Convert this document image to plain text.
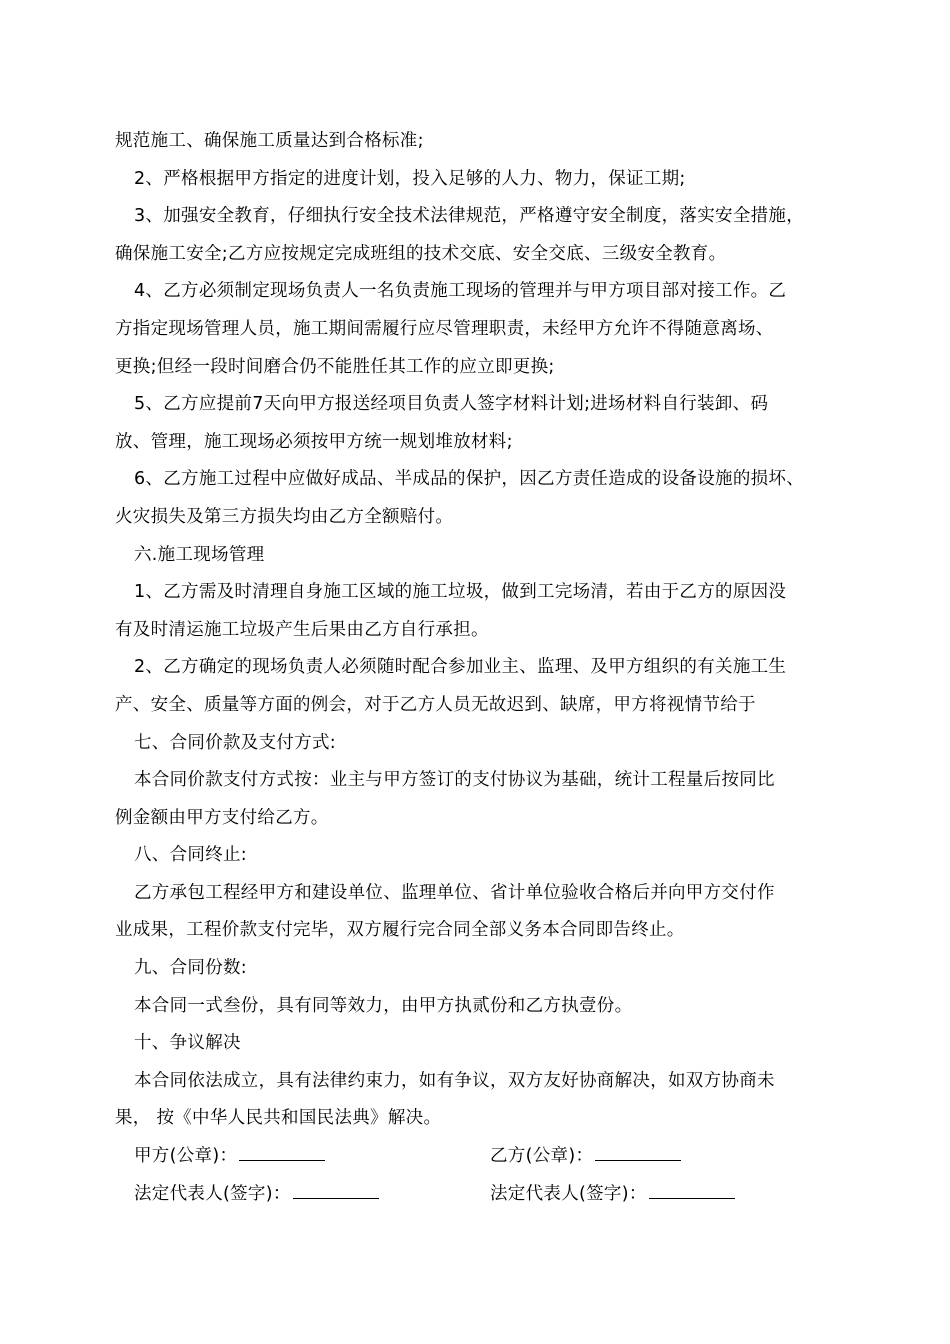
规范施工、确保施工质量达到合格标准;
2、严格根据甲方指定的进度计划，投入足够的人力、物力，保证工期;
3、加强安全教育，仔细执行安全技术法律规范，严格遵守安全制度，落实安全措施，
确保施工安全;乙方应按规定完成班组的技术交底、安全交底、三级安全教育。
4、乙方必须制定现场负责人一名负责施工现场的管理并与甲方项目部对接工作。乙
方指定现场管理人员，施工期间需履行应尽管理职责，未经甲方允许不得随意离场、
更换;但经一段时间磨合仍不能胜任其工作的应立即更换;
5、乙方应提前7天向甲方报送经项目负责人签字材料计划;进场材料自行装卸、码
放、管理，施工现场必须按甲方统一规划堆放材料;
6、乙方施工过程中应做好成品、半成品的保护，因乙方责任造成的设备设施的损坏、
火灾损失及第三方损失均由乙方全额赔付。
六.施工现场管理
1、乙方需及时清理自身施工区域的施工垃圾，做到工完场清，若由于乙方的原因没
有及时清运施工垃圾产生后果由乙方自行承担。
2、乙方确定的现场负责人必须随时配合参加业主、监理、及甲方组织的有关施工生
产、安全、质量等方面的例会，对于乙方人员无故迟到、缺席，甲方将视情节给于
七、合同价款及支付方式:
本合同价款支付方式按：业主与甲方签订的支付协议为基础，统计工程量后按同比
例金额由甲方支付给乙方。
八、合同终止:
乙方承包工程经甲方和建设单位、监理单位、省计单位验收合格后并向甲方交付作
业成果，工程价款支付完毕，双方履行完合同全部义务本合同即告终止。
九、合同份数:
本合同一式叁份，具有同等效力，由甲方执贰份和乙方执壹份。
十、争议解决
本合同依法成立，具有法律约束力，如有争议，双方友好协商解决，如双方协商未
果， 按《中华人民共和国民法典》解决。
甲方(公章)：	乙方(公章)：
法定代表人(签字)：	法定代表人(签字)：
